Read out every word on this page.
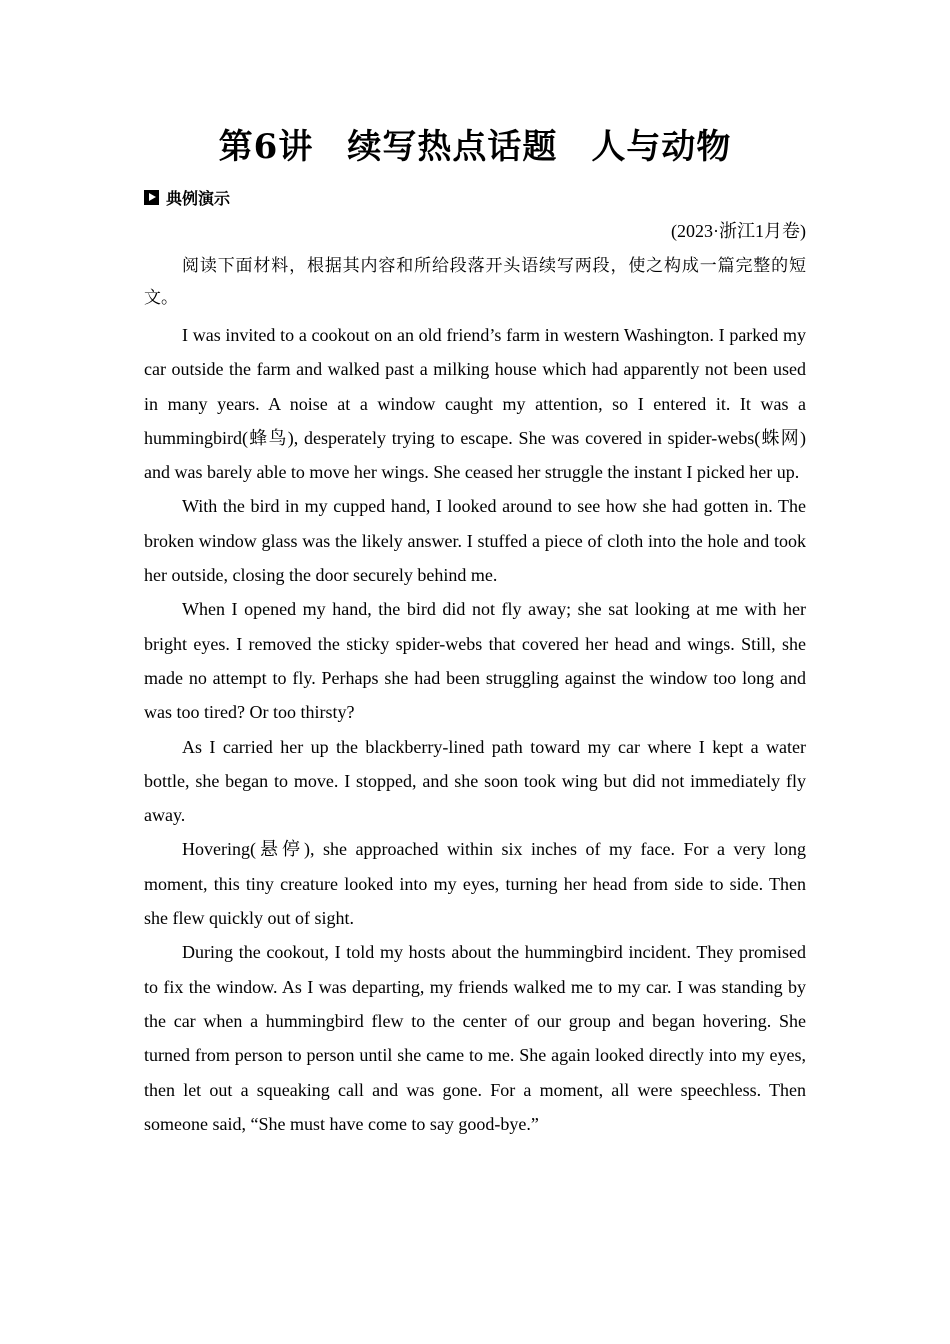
第6讲 续写热点话题 人与动物
典例演示
(2023·浙江1月卷)

阅读下面材料，根据其内容和所给段落开头语续写两段，使之构成一篇完整的短文。

I was invited to a cookout on an old friend’s farm in western Washington. I parked my car outside the farm and walked past a milking house which had apparently not been used in many years. A noise at a window caught my attention, so I entered it. It was a hummingbird(蜂鸟), desperately trying to escape. She was covered in spider-webs(蛛网) and was barely able to move her wings. She ceased her struggle the instant I picked her up.

With the bird in my cupped hand, I looked around to see how she had gotten in. The broken window glass was the likely answer. I stuffed a piece of cloth into the hole and took her outside, closing the door securely behind me.

When I opened my hand, the bird did not fly away; she sat looking at me with her bright eyes. I removed the sticky spider-webs that covered her head and wings. Still, she made no attempt to fly. Perhaps she had been struggling against the window too long and was too tired? Or too thirsty?

As I carried her up the blackberry-lined path toward my car where I kept a water bottle, she began to move. I stopped, and she soon took wing but did not immediately fly away.

Hovering(悬停), she approached within six inches of my face. For a very long moment, this tiny creature looked into my eyes, turning her head from side to side. Then she flew quickly out of sight.

During the cookout, I told my hosts about the hummingbird incident. They promised to fix the window. As I was departing, my friends walked me to my car. I was standing by the car when a hummingbird flew to the center of our group and began hovering. She turned from person to person until she came to me. She again looked directly into my eyes, then let out a squeaking call and was gone. For a moment, all were speechless. Then someone said, “She must have come to say good-bye.”
